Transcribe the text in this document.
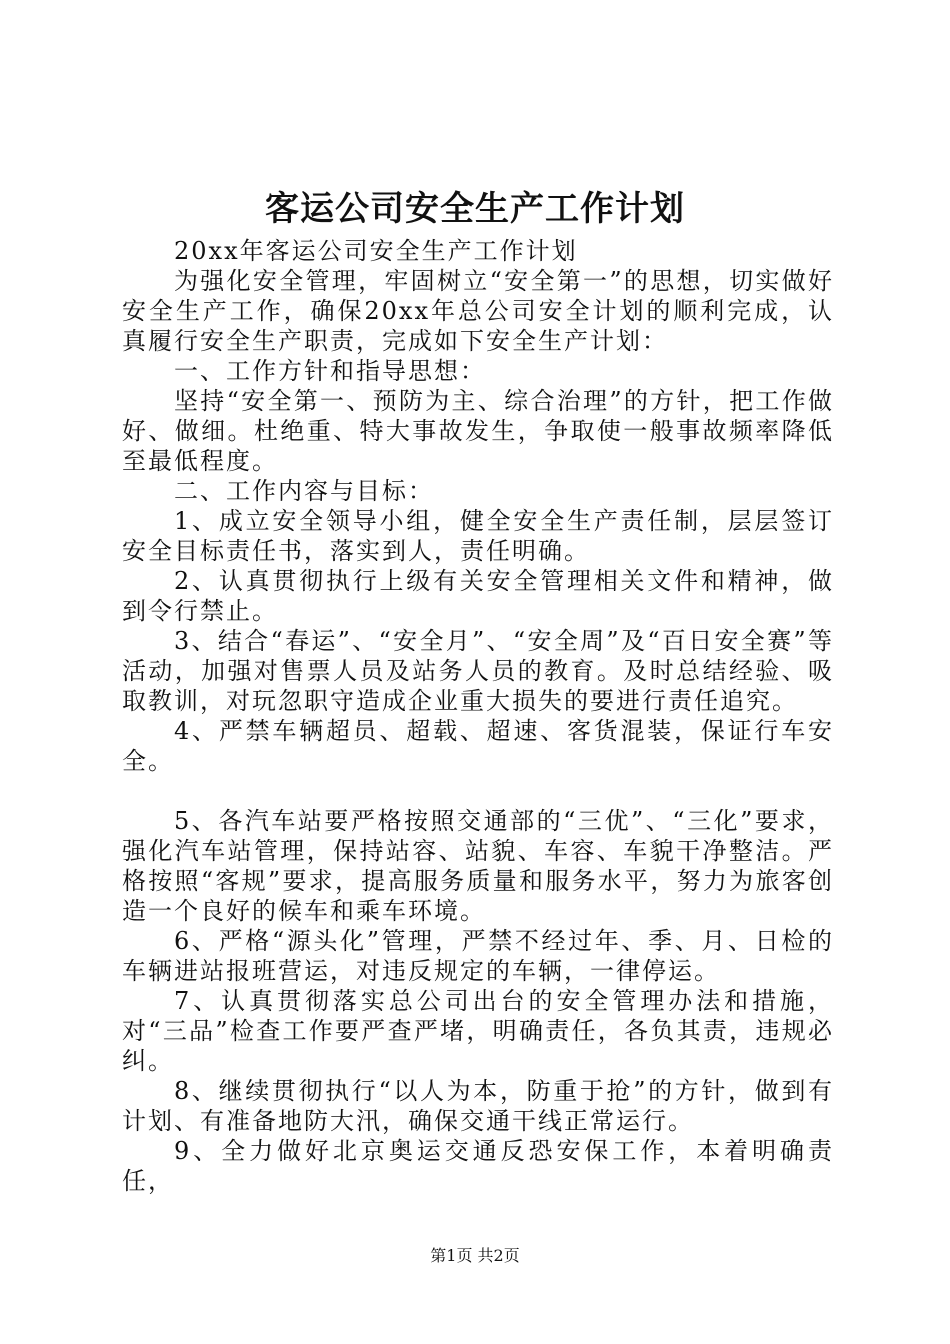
客运公司安全生产工作计划

20xx年客运公司安全生产工作计划

为强化安全管理，牢固树立“安全第一”的思想，切实做好安全生产工作，确保20xx年总公司安全计划的顺利完成，认真履行安全生产职责，完成如下安全生产计划：

一、工作方针和指导思想：

坚持“安全第一、预防为主、综合治理”的方针，把工作做好、做细。杜绝重、特大事故发生，争取使一般事故频率降低至最低程度。

二、工作内容与目标：

1、成立安全领导小组，健全安全生产责任制，层层签订安全目标责任书，落实到人，责任明确。

2、认真贯彻执行上级有关安全管理相关文件和精神，做到令行禁止。

3、结合“春运”、“安全月”、“安全周”及“百日安全赛”等活动，加强对售票人员及站务人员的教育。及时总结经验、吸取教训，对玩忽职守造成企业重大损失的要进行责任追究。

4、严禁车辆超员、超载、超速、客货混装，保证行车安全。

5、各汽车站要严格按照交通部的“三优”、“三化”要求，强化汽车站管理，保持站容、站貌、车容、车貌干净整洁。严格按照“客规”要求，提高服务质量和服务水平，努力为旅客创造一个良好的候车和乘车环境。

6、严格“源头化”管理，严禁不经过年、季、月、日检的车辆进站报班营运，对违反规定的车辆，一律停运。

7、认真贯彻落实总公司出台的安全管理办法和措施，对“三品”检查工作要严查严堵，明确责任，各负其责，违规必纠。

8、继续贯彻执行“以人为本，防重于抢”的方针，做到有计划、有准备地防大汛，确保交通干线正常运行。

9、全力做好北京奥运交通反恐安保工作，本着明确责任，

第1页 共2页
